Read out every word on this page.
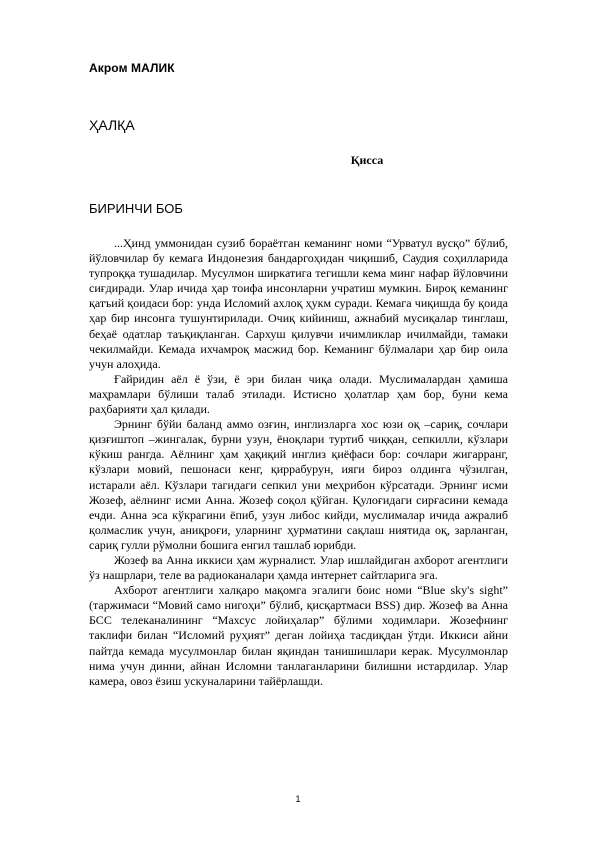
Акром МАЛИК
ҲАЛҚА
Қисса
БИРИНЧИ БОБ

...Ҳинд уммонидан сузиб бораётган кеманинг номи “Урватул вусқо” бўлиб, йўловчилар бу кемага Индонезия бандаргоҳидан чиқишиб, Саудия соҳилларида тупроққа тушадилар. Мусулмон ширкатига тегишли кема минг нафар йўловчини сиғдиради. Улар ичида ҳар тоифа инсонларни учратиш мумкин. Бироқ кеманинг қатъий қоидаси бор: унда Исломий ахлоқ ҳукм суради. Кемага чиқишда бу қоида ҳар бир инсонга тушунтирилади. Очиқ кийиниш, ажнабий мусиқалар тинглаш, беҳаё одатлар таъқиқланган. Сархуш қилувчи ичимликлар ичилмайди, тамаки чекилмайди. Кемада ихчамроқ масжид бор. Кеманинг бўлмалари ҳар бир оила учун алоҳида.

Ғайридин аёл ё ўзи, ё эри билан чиқа олади. Муслималардан ҳамиша маҳрамлари бўлиши талаб этилади. Истисно ҳолатлар ҳам бор, буни кема раҳбарияти ҳал қилади.

Эрнинг бўйи баланд аммо озғин, инглизларга хос юзи оқ –сариқ, сочлари қизғиштоп –жингалак, бурни узун, ёноқлари туртиб чиққан, сепкилли, кўзлари кўкиш рангда. Аёлнинг ҳам ҳақиқий инглиз қиёфаси бор: сочлари жигарранг, кўзлари мовий, пешонаси кенг, қиррабурун, ияги бироз олдинга чўзилган, истарали аёл. Кўзлари тагидаги сепкил уни меҳрибон кўрсатади. Эрнинг исми Жозеф, аёлнинг исми Анна. Жозеф соқол қўйган. Қулоғидаги сирғасини кемада ечди. Анна эса кўкрагини ёпиб, узун либос кийди, муслималар ичида ажралиб қолмаслик учун, аниқроғи, уларнинг ҳурматини сақлаш ниятида оқ, зарланган, сариқ гулли рўмолни бошига енгил ташлаб юрибди.

Жозеф ва Анна иккиси ҳам журналист. Улар ишлайдиган ахборот агентлиги ўз нашрлари, теле ва радиоканалари ҳамда интернет сайтларига эга.

Ахборот агентлиги халқаро мақомга эгалиги боис номи “Blue sky's sight” (таржимаси “Мовий само нигоҳи” бўлиб, қисқартмаси BSS) дир. Жозеф ва Анна БСС телеканалининг “Махсус лойиҳалар” бўлими ходимлари. Жозефнинг таклифи билан “Исломий руҳият” деган лойиҳа тасдиқдан ўтди. Иккиси айни пайтда кемада мусулмонлар билан яқиндан танишишлари керак. Мусулмонлар нима учун динни, айнан Исломни танлаганларини билишни истардилар. Улар камера, овоз ёзиш ускуналарини тайёрлашди.

1
